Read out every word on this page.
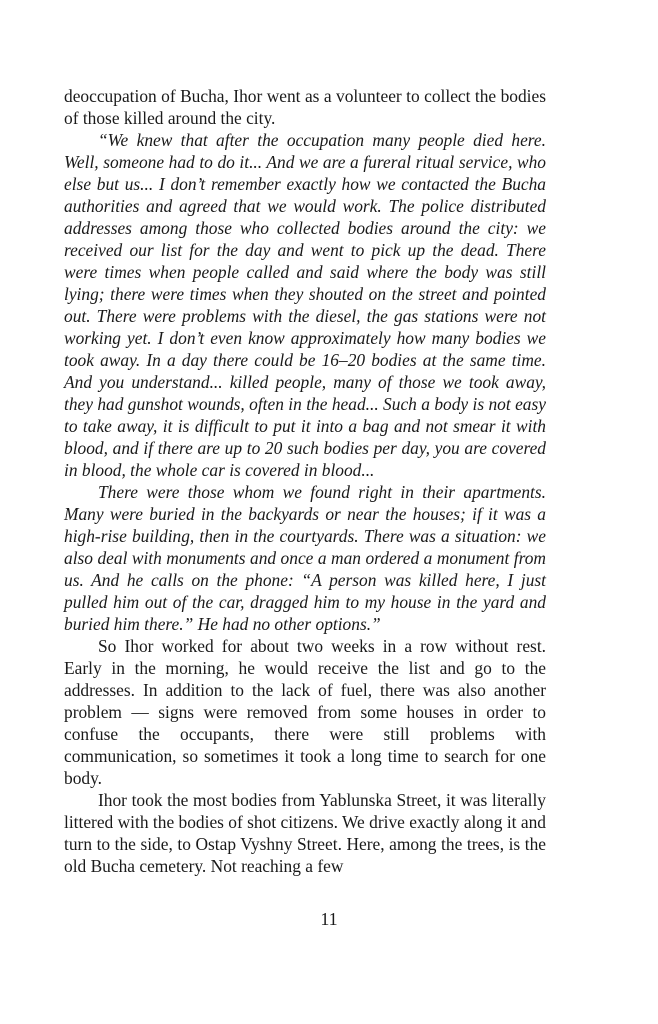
deoccupation of Bucha, Ihor went as a volunteer to collect the bodies of those killed around the city.

“We knew that after the occupation many people died here. Well, someone had to do it... And we are a fureral ritual service, who else but us... I don’t remember exactly how we contacted the Bucha authorities and agreed that we would work. The police distributed addresses among those who collected bodies around the city: we received our list for the day and went to pick up the dead. There were times when people called and said where the body was still lying; there were times when they shouted on the street and pointed out. There were problems with the diesel, the gas stations were not working yet. I don’t even know approximately how many bodies we took away. In a day there could be 16–20 bodies at the same time. And you understand... killed people, many of those we took away, they had gunshot wounds, often in the head... Such a body is not easy to take away, it is difficult to put it into a bag and not smear it with blood, and if there are up to 20 such bodies per day, you are covered in blood, the whole car is covered in blood...

There were those whom we found right in their apartments. Many were buried in the backyards or near the houses; if it was a high-rise building, then in the courtyards. There was a situation: we also deal with monuments and once a man ordered a monument from us. And he calls on the phone: “A person was killed here, I just pulled him out of the car, dragged him to my house in the yard and buried him there.” He had no other options.”

So Ihor worked for about two weeks in a row without rest. Early in the morning, he would receive the list and go to the addresses. In addition to the lack of fuel, there was also another problem — signs were removed from some houses in order to confuse the occupants, there were still problems with communication, so sometimes it took a long time to search for one body.

Ihor took the most bodies from Yablunska Street, it was literally littered with the bodies of shot citizens. We drive exactly along it and turn to the side, to Ostap Vyshny Street. Here, among the trees, is the old Bucha cemetery. Not reaching a few

11
